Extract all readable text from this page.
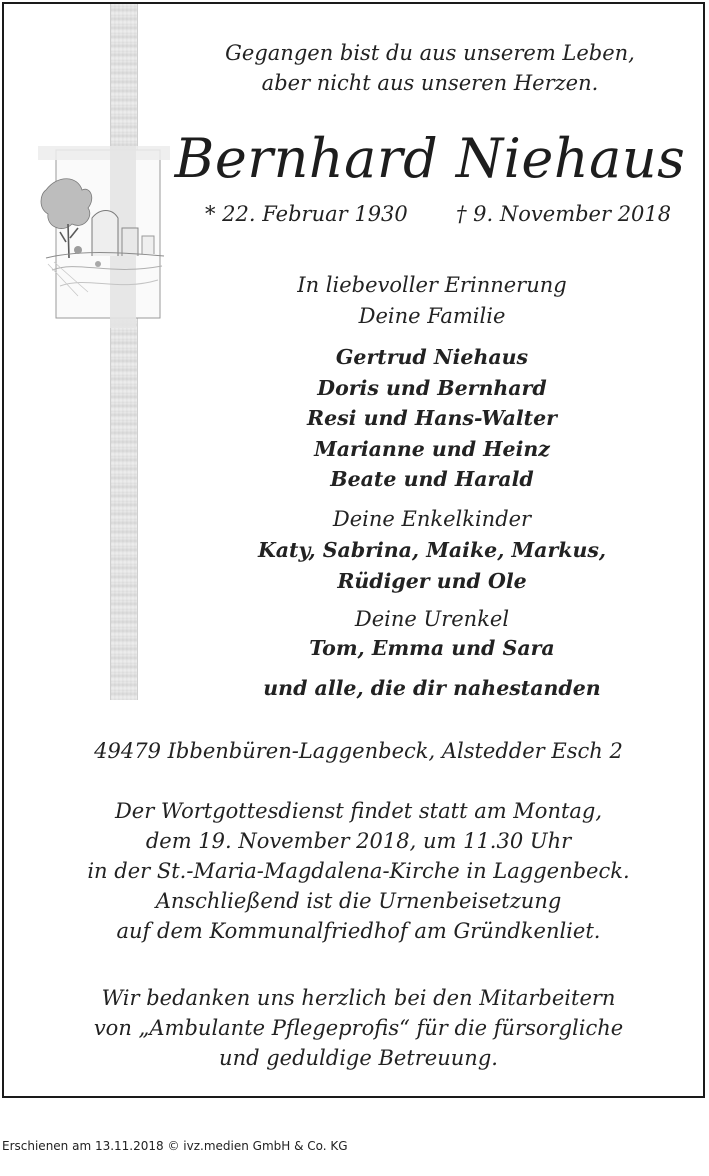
Gegangen bist du aus unserem Leben,
aber nicht aus unseren Herzen.
Bernhard Niehaus
* 22. Februar 1930 † 9. November 2018
In liebevoller Erinnerung
Deine Familie
Gertrud Niehaus
Doris und Bernhard
Resi und Hans-Walter
Marianne und Heinz
Beate und Harald
Deine Enkelkinder
Katy, Sabrina, Maike, Markus,
Rüdiger und Ole
Deine Urenkel
Tom, Emma und Sara
und alle, die dir nahestanden
49479 Ibbenbüren-Laggenbeck, Alstedder Esch 2
Der Wortgottesdienst findet statt am Montag,
dem 19. November 2018, um 11.30 Uhr
in der St.-Maria-Magdalena-Kirche in Laggenbeck.
Anschließend ist die Urnenbeisetzung
auf dem Kommunalfriedhof am Gründkenliet.
Wir bedanken uns herzlich bei den Mitarbeitern
von „Ambulante Pflegeprofis“ für die fürsorgliche
und geduldige Betreuung.
Erschienen am 13.11.2018 © ivz.medien GmbH & Co. KG
